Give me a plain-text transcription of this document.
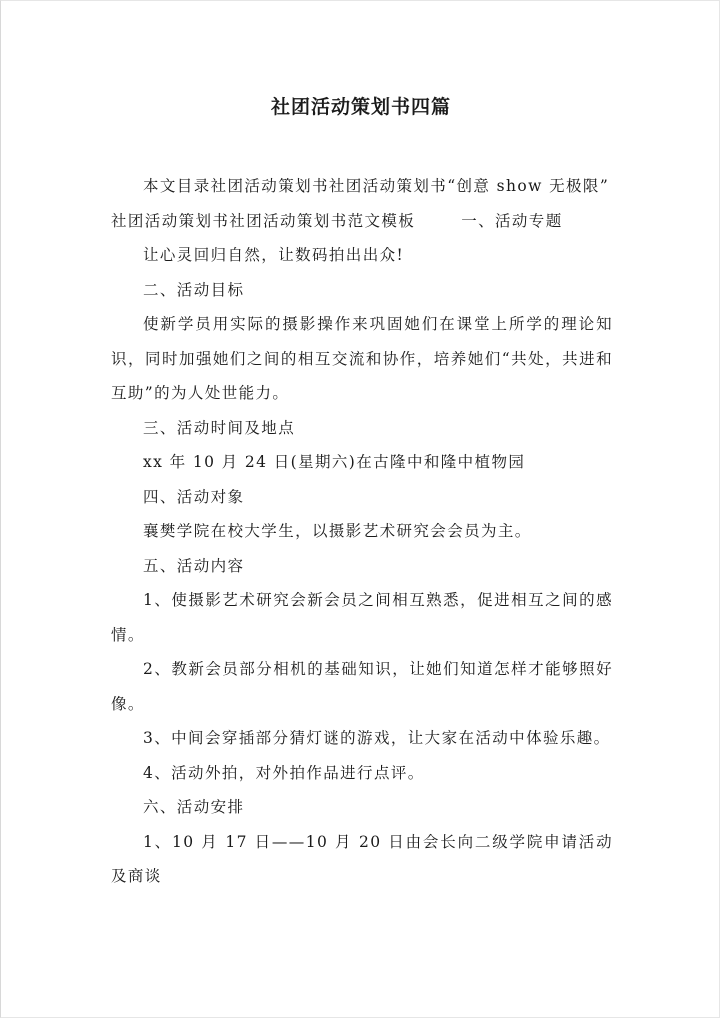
社团活动策划书四篇

本文目录社团活动策划书社团活动策划书“创意 show 无极限”
社团活动策划书社团活动策划书范文模板	一、活动专题

让心灵回归自然，让数码拍出出众!

二、活动目标

使新学员用实际的摄影操作来巩固她们在课堂上所学的理论知识，同时加强她们之间的相互交流和协作，培养她们“共处，共进和互助”的为人处世能力。

三、活动时间及地点

xx 年 10 月 24 日(星期六)在古隆中和隆中植物园

四、活动对象

襄樊学院在校大学生，以摄影艺术研究会会员为主。

五、活动内容

1、使摄影艺术研究会新会员之间相互熟悉，促进相互之间的感情。

2、教新会员部分相机的基础知识，让她们知道怎样才能够照好像。

3、中间会穿插部分猜灯谜的游戏，让大家在活动中体验乐趣。

4、活动外拍，对外拍作品进行点评。

六、活动安排

1、10 月 17 日——10 月 20 日由会长向二级学院申请活动及商谈
